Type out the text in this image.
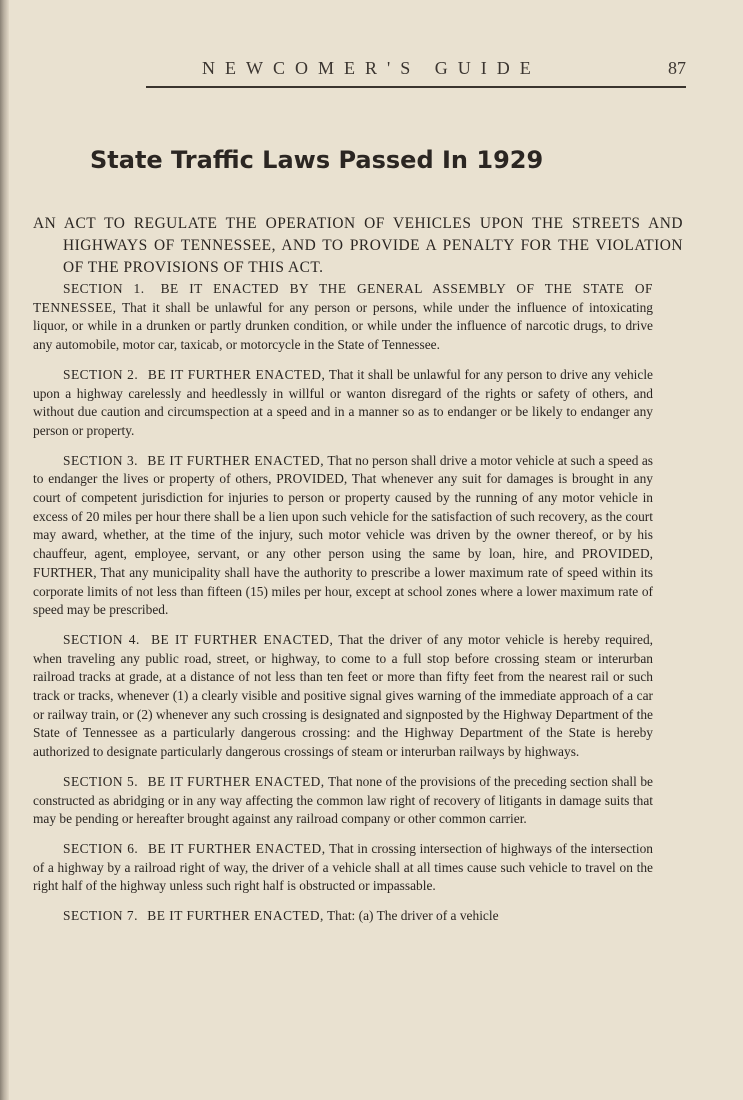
NEWCOMER'S GUIDE	87
State Traffic Laws Passed In 1929

AN ACT TO REGULATE THE OPERATION OF VEHICLES UPON THE STREETS AND HIGHWAYS OF TENNESSEE, AND TO PROVIDE A PENALTY FOR THE VIOLATION OF THE PROVISIONS OF THIS ACT.

SECTION 1. BE IT ENACTED BY THE GENERAL ASSEMBLY OF THE STATE OF TENNESSEE, That it shall be unlawful for any person or persons, while under the influence of intoxicating liquor, or while in a drunken or partly drunken condition, or while under the influence of narcotic drugs, to drive any automobile, motor car, taxicab, or motorcycle in the State of Tennessee.

SECTION 2. BE IT FURTHER ENACTED, That it shall be unlawful for any person to drive any vehicle upon a highway carelessly and heedlessly in willful or wanton disregard of the rights or safety of others, and without due caution and circumspection at a speed and in a manner so as to endanger or be likely to endanger any person or property.

SECTION 3. BE IT FURTHER ENACTED, That no person shall drive a motor vehicle at such a speed as to endanger the lives or property of others, PROVIDED, That whenever any suit for damages is brought in any court of competent jurisdiction for injuries to person or property caused by the running of any motor vehicle in excess of 20 miles per hour there shall be a lien upon such vehicle for the satisfaction of such recovery, as the court may award, whether, at the time of the injury, such motor vehicle was driven by the owner thereof, or by his chauffeur, agent, employee, servant, or any other person using the same by loan, hire, and PROVIDED, FURTHER, That any municipality shall have the authority to prescribe a lower maximum rate of speed within its corporate limits of not less than fifteen (15) miles per hour, except at school zones where a lower maximum rate of speed may be prescribed.

SECTION 4. BE IT FURTHER ENACTED, That the driver of any motor vehicle is hereby required, when traveling any public road, street, or highway, to come to a full stop before crossing steam or interurban railroad tracks at grade, at a distance of not less than ten feet or more than fifty feet from the nearest rail or such track or tracks, whenever (1) a clearly visible and positive signal gives warning of the immediate approach of a car or railway train, or (2) whenever any such crossing is designated and signposted by the Highway Department of the State of Tennessee as a particularly dangerous crossing: and the Highway Department of the State is hereby authorized to designate particularly dangerous crossings of steam or interurban railways by highways.

SECTION 5. BE IT FURTHER ENACTED, That none of the provisions of the preceding section shall be constructed as abridging or in any way affecting the common law right of recovery of litigants in damage suits that may be pending or hereafter brought against any railroad company or other common carrier.

SECTION 6. BE IT FURTHER ENACTED, That in crossing intersection of highways of the intersection of a highway by a railroad right of way, the driver of a vehicle shall at all times cause such vehicle to travel on the right half of the highway unless such right half is obstructed or impassable.

SECTION 7. BE IT FURTHER ENACTED, That: (a) The driver of a vehicle
